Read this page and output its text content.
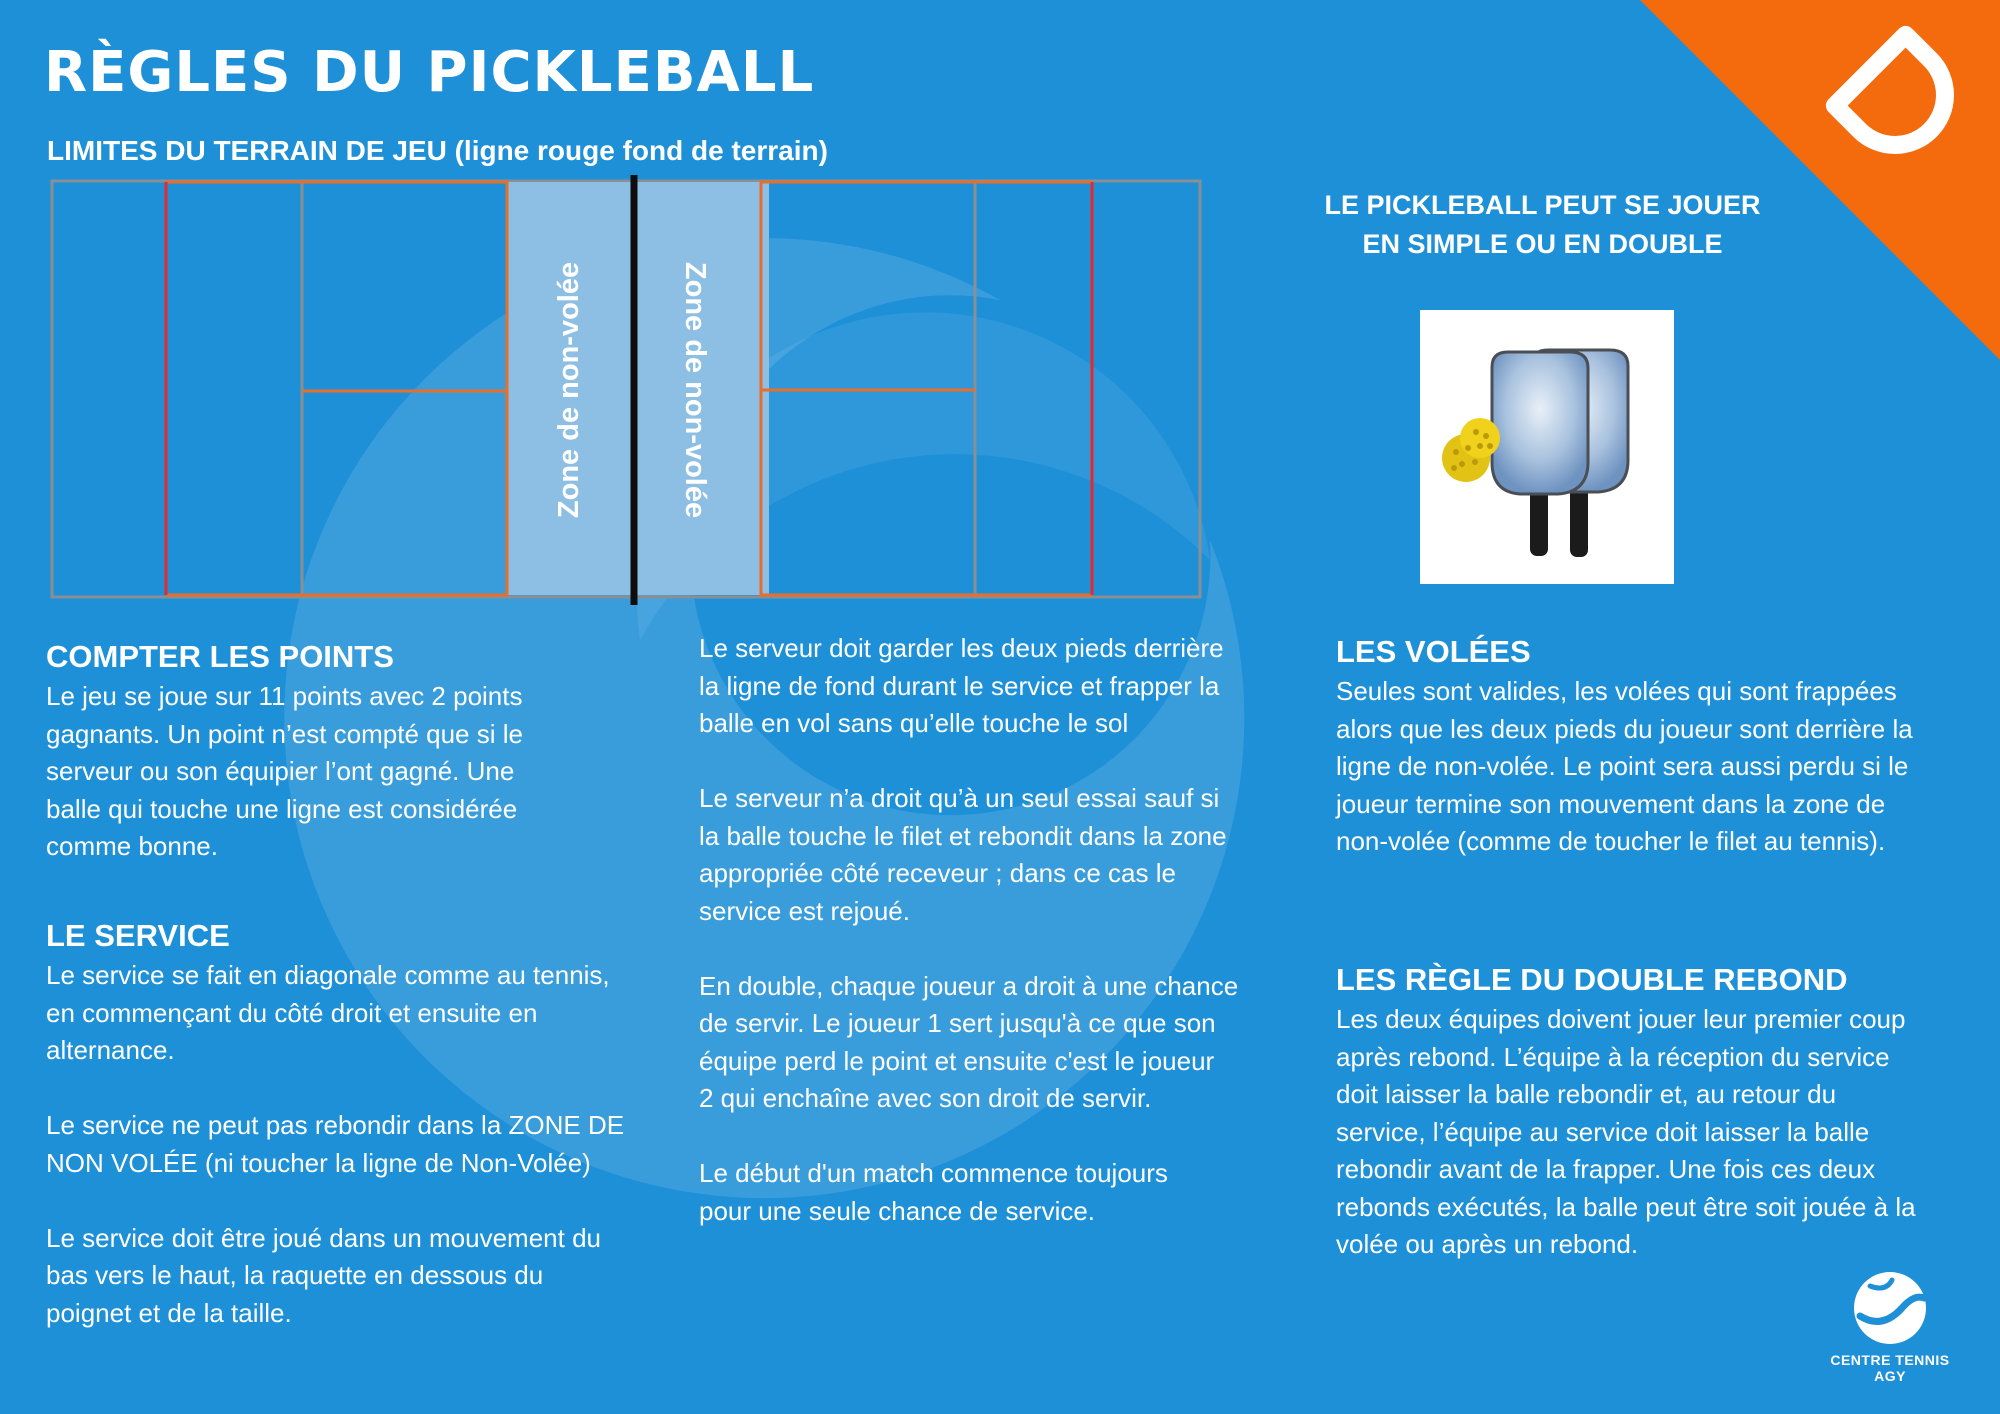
RÈGLES DU PICKLEBALL
LIMITES DU TERRAIN DE JEU (ligne rouge fond de terrain)
Zone de non-volée	Zone de non-volée
LE PICKLEBALL PEUT SE JOUER
EN SIMPLE OU EN DOUBLE
COMPTER LES POINTS
Le jeu se joue sur 11 points avec 2 points
gagnants. Un point n’est compté que si le
serveur ou son équipier l’ont gagné. Une
balle qui touche une ligne est considérée
comme bonne.
LE SERVICE

Le service se fait en diagonale comme au tennis,
en commençant du côté droit et ensuite en
alternance.

Le service ne peut pas rebondir dans la ZONE DE
NON VOLÉE (ni toucher la ligne de Non-Volée)

Le service doit être joué dans un mouvement du
bas vers le haut, la raquette en dessous du
poignet et de la taille.

Le serveur doit garder les deux pieds derrière
la ligne de fond durant le service et frapper la
balle en vol sans qu’elle touche le sol

Le serveur n’a droit qu’à un seul essai sauf si
la balle touche le filet et rebondit dans la zone
appropriée côté receveur ; dans ce cas le
service est rejoué.

En double, chaque joueur a droit à une chance
de servir. Le joueur 1 sert jusqu'à ce que son
équipe perd le point et ensuite c'est le joueur
2 qui enchaîne avec son droit de servir.

Le début d'un match commence toujours
pour une seule chance de service.

LES VOLÉES
Seules sont valides, les volées qui sont frappées
alors que les deux pieds du joueur sont derrière la
ligne de non-volée. Le point sera aussi perdu si le
joueur termine son mouvement dans la zone de
non-volée (comme de toucher le filet au tennis).
LES RÈGLE DU DOUBLE REBOND
Les deux équipes doivent jouer leur premier coup
après rebond. L’équipe à la réception du service
doit laisser la balle rebondir et, au retour du
service, l’équipe au service doit laisser la balle
rebondir avant de la frapper. Une fois ces deux
rebonds exécutés, la balle peut être soit jouée à la
volée ou après un rebond.
CENTRE TENNIS
AGY
